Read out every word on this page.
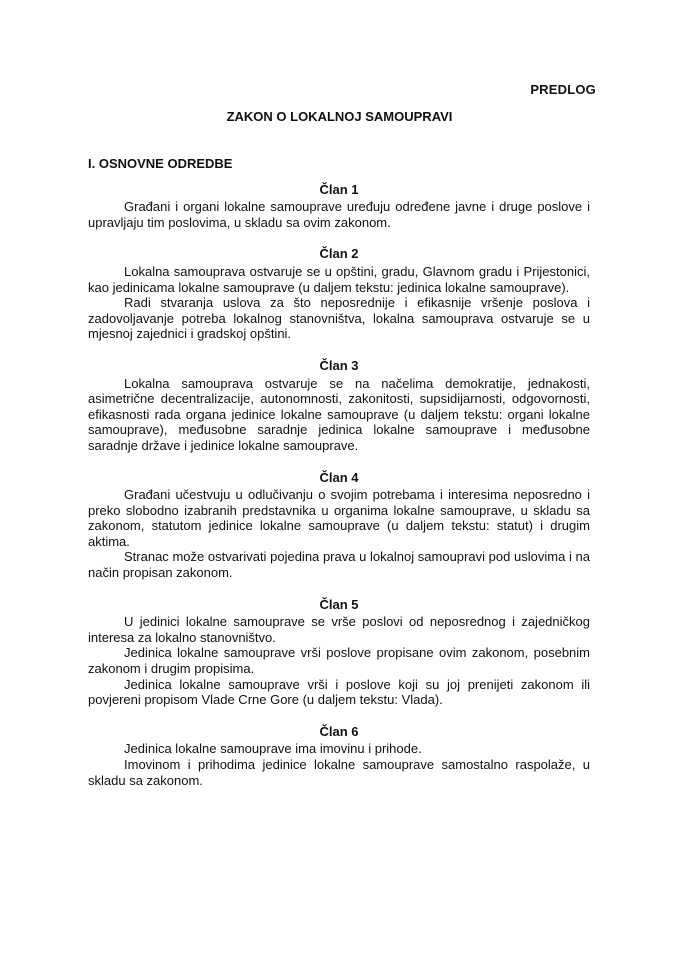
PREDLOG
ZAKON O LOKALNOJ SAMOUPRAVI
I. OSNOVNE ODREDBE
Član 1

Građani i organi lokalne samouprave uređuju određene javne i druge poslove i upravljaju tim poslovima, u skladu sa ovim zakonom.

Član 2

Lokalna samouprava ostvaruje se u opštini, gradu, Glavnom gradu i Prijestonici, kao jedinicama lokalne samouprave (u daljem tekstu: jedinica lokalne samouprave).

Radi stvaranja uslova za što neposrednije i efikasnije vršenje poslova i zadovoljavanje potreba lokalnog stanovništva, lokalna samouprava ostvaruje se u mjesnoj zajednici i gradskoj opštini.

Član 3

Lokalna samouprava ostvaruje se na načelima demokratije, jednakosti, asimetrične decentralizacije, autonomnosti, zakonitosti, supsidijarnosti, odgovornosti, efikasnosti rada organa jedinice lokalne samouprave (u daljem tekstu: organi lokalne samouprave), međusobne saradnje jedinica lokalne samouprave i međusobne saradnje države i jedinice lokalne samouprave.

Član 4

Građani učestvuju u odlučivanju o svojim potrebama i interesima neposredno i preko slobodno izabranih predstavnika u organima lokalne samouprave, u skladu sa zakonom, statutom jedinice lokalne samouprave (u daljem tekstu: statut) i drugim aktima.

Stranac može ostvarivati pojedina prava u lokalnoj samoupravi pod uslovima i na način propisan zakonom.

Član 5

U jedinici lokalne samouprave se vrše poslovi od neposrednog i zajedničkog interesa za lokalno stanovništvo.

Jedinica lokalne samouprave vrši poslove propisane ovim zakonom, posebnim zakonom i drugim propisima.

Jedinica lokalne samouprave vrši i poslove koji su joj prenijeti zakonom ili povjereni propisom Vlade Crne Gore (u daljem tekstu: Vlada).

Član 6

Jedinica lokalne samouprave ima imovinu i prihode.

Imovinom i prihodima jedinice lokalne samouprave samostalno raspolaže, u skladu sa zakonom.
